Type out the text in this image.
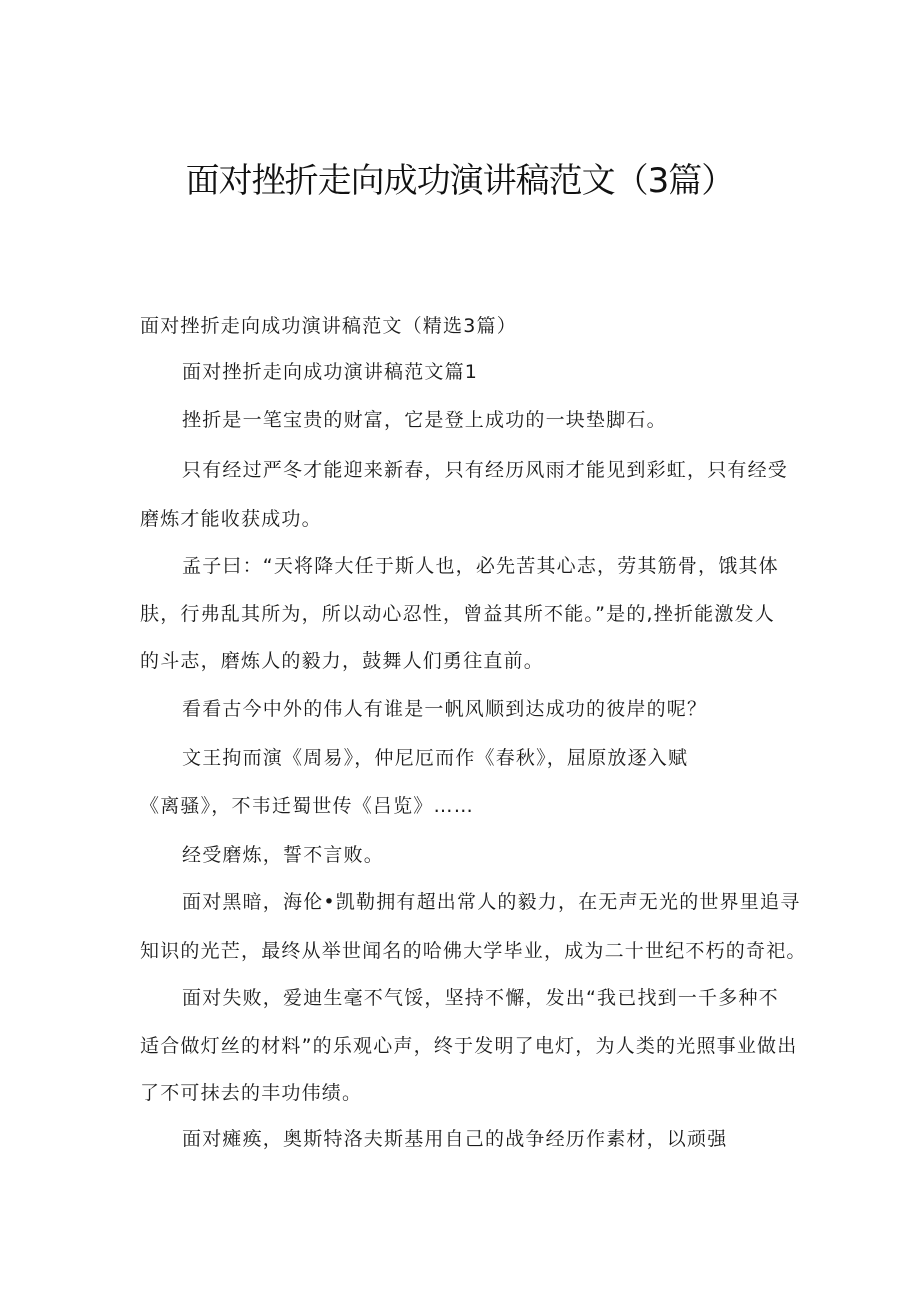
面对挫折走向成功演讲稿范文（3篇）

面对挫折走向成功演讲稿范文（精选3篇）

面对挫折走向成功演讲稿范文篇1

挫折是一笔宝贵的财富，它是登上成功的一块垫脚石。

只有经过严冬才能迎来新春，只有经历风雨才能见到彩虹，只有经受

磨炼才能收获成功。

孟子曰：“天将降大任于斯人也，必先苦其心志，劳其筋骨，饿其体

肤，行弗乱其所为，所以动心忍性，曾益其所不能。”是的,挫折能激发人

的斗志，磨炼人的毅力，鼓舞人们勇往直前。

看看古今中外的伟人有谁是一帆风顺到达成功的彼岸的呢？

文王拘而演《周易》，仲尼厄而作《春秋》，屈原放逐入赋

《离骚》，不韦迁蜀世传《吕览》……

经受磨炼，誓不言败。

面对黑暗，海伦•凯勒拥有超出常人的毅力，在无声无光的世界里追寻

知识的光芒，最终从举世闻名的哈佛大学毕业，成为二十世纪不朽的奇祀。

面对失败，爱迪生毫不气馁，坚持不懈，发出“我已找到一千多种不

适合做灯丝的材料”的乐观心声，终于发明了电灯，为人类的光照事业做出

了不可抹去的丰功伟绩。

面对瘫痪，奥斯特洛夫斯基用自己的战争经历作素材，以顽强
